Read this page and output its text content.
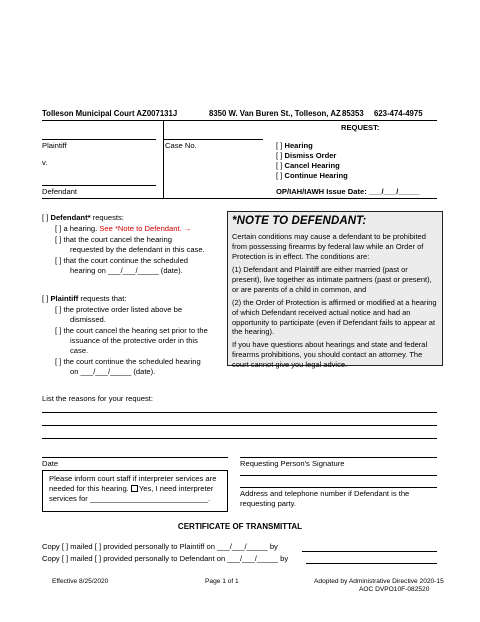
Tolleson Municipal Court AZ007131J	8350 W. Van Buren St., Tolleson, AZ 85353 623-474-4975
Plaintiff
v.
Defendant
Case No.
REQUEST:
[ ] Hearing
[ ] Dismiss Order
[ ] Cancel Hearing
[ ] Continue Hearing
OP/IAH/IAWH Issue Date: ___/___/_____
[ ] Defendant* requests:
[ ] a hearing. See *Note to Defendant. →
[ ] that the court cancel the hearing
requested by the defendant in this case.
[ ] that the court continue the scheduled
hearing on ___/___/_____ (date).
[ ] Plaintiff requests that:
[ ] the protective order listed above be
dismissed.
[ ] the court cancel the hearing set prior to the
issuance of the protective order in this
case.
[ ] the court continue the scheduled hearing
on ___/___/_____ (date).
*NOTE TO DEFENDANT:

Certain conditions may cause a defendant to be prohibited from possessing firearms by federal law while an Order of Protection is in effect. The conditions are:

(1) Defendant and Plaintiff are either married (past or present), live together as intimate partners (past or present), or are parents of a child in common, and

(2) the Order of Protection is affirmed or modified at a hearing of which Defendant received actual notice and had an opportunity to participate (even if Defendant fails to appear at the hearing).

If you have questions about hearings and state and federal firearms prohibitions, you should contact an attorney. The court cannot give you legal advice.

List the reasons for your request:
Date	Requesting Person's Signature
Please inform court staff if interpreter services are
needed for this hearing. Yes, I need interpreter
services for ____________________________.
Address and telephone number if Defendant is the
requesting party.
CERTIFICATE OF TRANSMITTAL
Copy [ ] mailed [ ] provided personally to Plaintiff on ___/___/_____ by
Copy [ ] mailed [ ] provided personally to Defendant on ___/___/_____ by
Effective 8/25/2020	Page 1 of 1	Adopted by Administrative Directive 2020-15
AOC DVPO10F-082520
